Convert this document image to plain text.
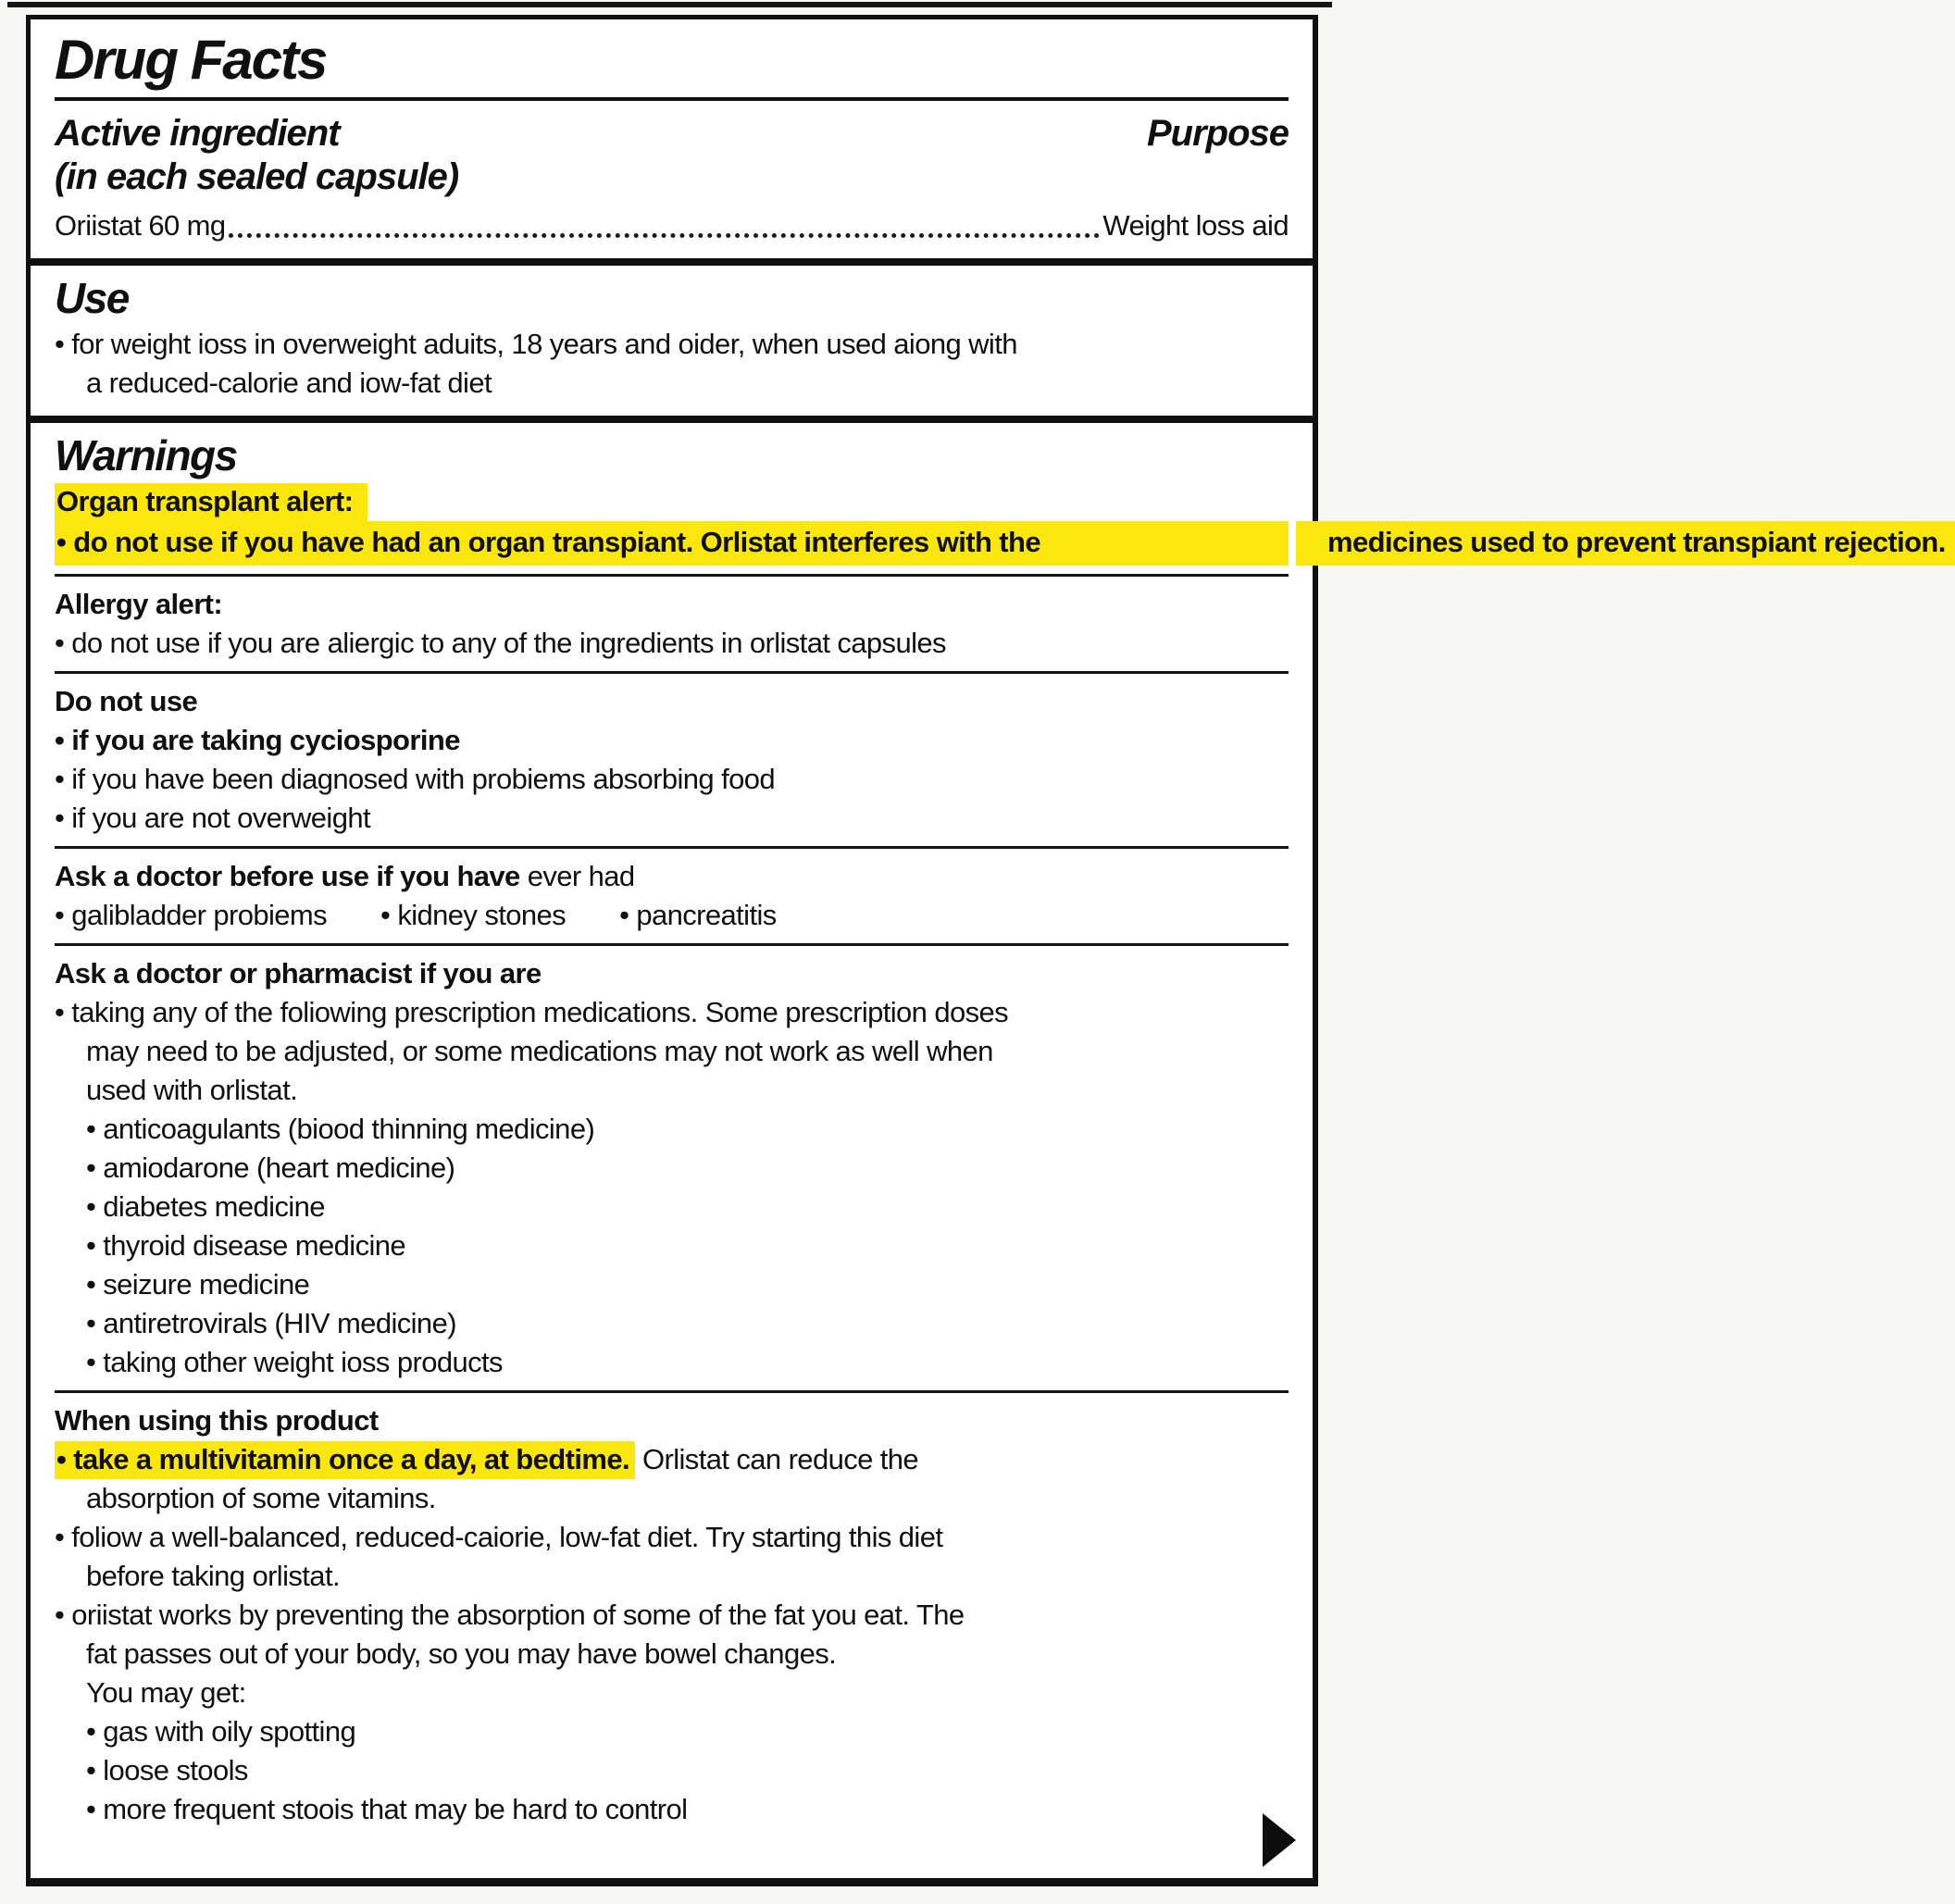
Drug Facts
Active ingredient
(in each sealed capsule)
Purpose
Oriistat 60 mg	Weight loss aid
Use
• for weight ioss in overweight aduits, 18 years and oider, when used aiong with
a reduced-calorie and iow-fat diet
Warnings
Organ transplant alert:
• do not use if you have had an organ transpiant. Orlistat interferes with the	medicines used to prevent transpiant rejection.
Allergy alert:
• do not use if you are aliergic to any of the ingredients in orlistat capsules
Do not use
• if you are taking cyciosporine
• if you have been diagnosed with probiems absorbing food
• if you are not overweight
Ask a doctor before use if you have ever had
• galibladder probiems • kidney stones • pancreatitis
Ask a doctor or pharmacist if you are
• taking any of the foliowing prescription medications. Some prescription doses
may need to be adjusted, or some medications may not work as well when
used with orlistat.
• anticoagulants (biood thinning medicine)
• amiodarone (heart medicine)
• diabetes medicine
• thyroid disease medicine
• seizure medicine
• antiretrovirals (HIV medicine)
• taking other weight ioss products
When using this product
• take a multivitamin once a day, at bedtime. Orlistat can reduce the
absorption of some vitamins.
• foliow a well-balanced, reduced-caiorie, low-fat diet. Try starting this diet
before taking orlistat.
• oriistat works by preventing the absorption of some of the fat you eat. The
fat passes out of your body, so you may have bowel changes.
You may get:
• gas with oily spotting
• loose stools
• more frequent stoois that may be hard to control
